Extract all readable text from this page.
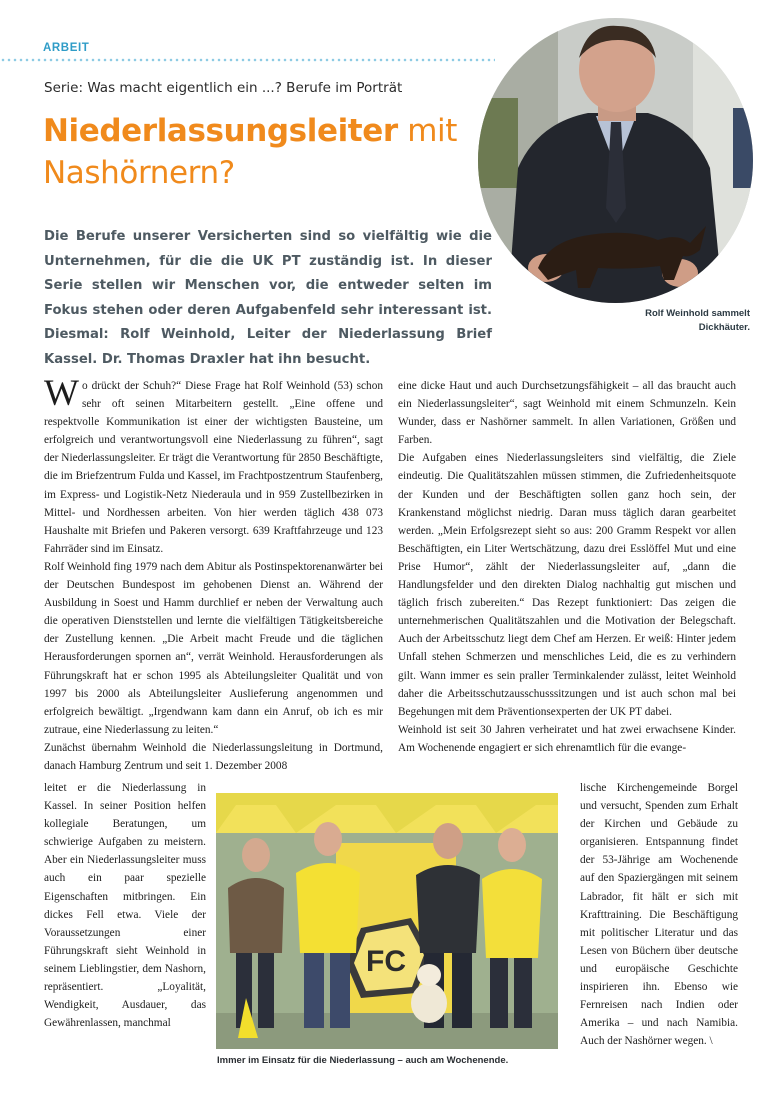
ARBEIT
Serie: Was macht eigentlich ein ...? Berufe im Porträt
Niederlassungsleiter mit Nashörnern?
Die Berufe unserer Versicherten sind so vielfältig wie die Unternehmen, für die die UK PT zuständig ist. In dieser Serie stellen wir Menschen vor, die entweder selten im Fokus stehen oder deren Aufgabenfeld sehr interessant ist. Diesmal: Rolf Weinhold, Leiter der Niederlassung Brief Kassel. Dr. Thomas Draxler hat ihn besucht.
Rolf Weinhold sammelt Dickhäuter.

Wo drückt der Schuh?“ Diese Frage hat Rolf Weinhold (53) schon sehr oft seinen Mitarbeitern gestellt. „Eine offene und respektvolle Kommunikation ist einer der wichtigsten Bausteine, um erfolgreich und verantwortungsvoll eine Niederlassung zu führen“, sagt der Niederlassungsleiter. Er trägt die Verantwortung für 2850 Beschäftigte, die im Briefzentrum Fulda und Kassel, im Frachtpostzentrum Staufenberg, im Express- und Logistik-Netz Niederaula und in 959 Zustellbezirken in Mittel- und Nordhessen arbeiten. Von hier werden täglich 438 073 Haushalte mit Briefen und Pakeren versorgt. 639 Kraftfahrzeuge und 123 Fahrräder sind im Einsatz.

Rolf Weinhold fing 1979 nach dem Abitur als Postinspektorenanwärter bei der Deutschen Bundespost im gehobenen Dienst an. Während der Ausbildung in Soest und Hamm durchlief er neben der Verwaltung auch die operativen Dienststellen und lernte die vielfältigen Tätigkeitsbereiche der Zustellung kennen. „Die Arbeit macht Freude und die täglichen Herausforderungen spornen an“, verrät Weinhold. Herausforderungen als Führungskraft hat er schon 1995 als Abteilungsleiter Qualität und von 1997 bis 2000 als Abteilungsleiter Auslieferung angenommen und erfolgreich bewältigt. „Irgendwann kam dann ein Anruf, ob ich es mir zutraue, eine Niederlassung zu leiten.“

Zunächst übernahm Weinhold die Niederlassungsleitung in Dortmund, danach Hamburg Zentrum und seit 1. Dezember 2008

leitet er die Niederlassung in Kassel. In seiner Position helfen kollegiale Beratungen, um schwierige Aufgaben zu meistern. Aber ein Niederlassungsleiter muss auch ein paar spezielle Eigenschaften mitbringen. Ein dickes Fell etwa. Viele der Voraussetzungen einer Führungskraft sieht Weinhold in seinem Lieblingstier, dem Nashorn, repräsentiert. „Loyalität, Wendigkeit, Ausdauer, das Gewährenlassen, manchmal

eine dicke Haut und auch Durchsetzungsfähigkeit – all das braucht auch ein Niederlassungsleiter“, sagt Weinhold mit einem Schmunzeln. Kein Wunder, dass er Nashörner sammelt. In allen Variationen, Größen und Farben.

Die Aufgaben eines Niederlassungsleiters sind vielfältig, die Ziele eindeutig. Die Qualitätszahlen müssen stimmen, die Zufriedenheitsquote der Kunden und der Beschäftigten sollen ganz hoch sein, der Krankenstand möglichst niedrig. Daran muss täglich daran gearbeitet werden. „Mein Erfolgsrezept sieht so aus: 200 Gramm Respekt vor allen Beschäftigten, ein Liter Wertschätzung, dazu drei Esslöffel Mut und eine Prise Humor“, zählt der Niederlassungsleiter auf, „dann die Handlungsfelder und den direkten Dialog nachhaltig gut mischen und täglich frisch zubereiten.“ Das Rezept funktioniert: Das zeigen die unternehmerischen Qualitätszahlen und die Motivation der Belegschaft. Auch der Arbeitsschutz liegt dem Chef am Herzen. Er weiß: Hinter jedem Unfall stehen Schmerzen und menschliches Leid, die es zu verhindern gilt. Wann immer es sein praller Terminkalender zulässt, leitet Weinhold daher die Arbeitsschutzausschusssitzungen und ist auch schon mal bei Begehungen mit dem Präventionsexperten der UK PT dabei.

Weinhold ist seit 30 Jahren verheiratet und hat zwei erwachsene Kinder. Am Wochenende engagiert er sich ehrenamtlich für die evange-

lische Kirchengemeinde Borgel und versucht, Spenden zum Erhalt der Kirchen und Gebäude zu organisieren. Entspannung findet der 53-Jährige am Wochenende auf den Spaziergängen mit seinem Labrador, fit hält er sich mit Krafttraining. Die Beschäftigung mit politischer Literatur und das Lesen von Büchern über deutsche und europäische Geschichte inspirieren ihn. Ebenso wie Fernreisen nach Indien oder Amerika – und nach Namibia. Auch der Nashörner wegen. \

FC
Immer im Einsatz für die Niederlassung – auch am Wochenende.
